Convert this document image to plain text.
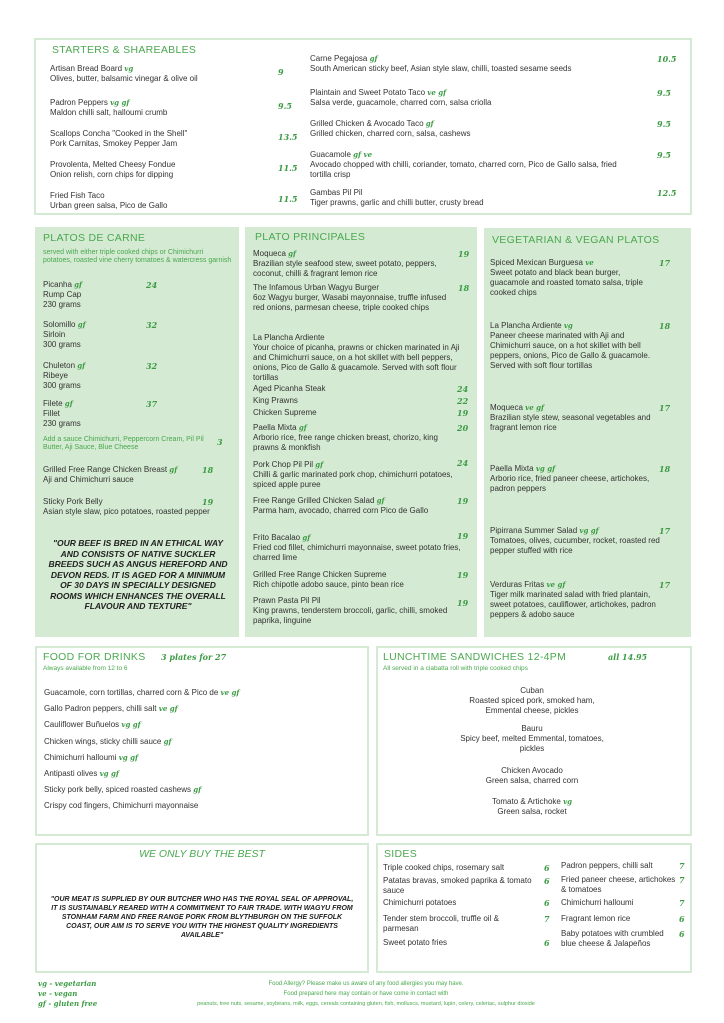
STARTERS & SHAREABLES
Artisan Bread Board vg
Olives, butter, balsamic vinegar & olive oil
9
Padron Peppers vg gf
Maldon chilli salt, halloumi crumb
9.5
Scallops Concha "Cooked in the Shell"
Pork Carnitas, Smokey Pepper Jam
13.5
Provolenta, Melted Cheesy Fondue
Onion relish, corn chips for dipping
11.5
Fried Fish Taco
Urban green salsa, Pico de Gallo
11.5
Carne Pegajosa gf
South American sticky beef, Asian style slaw, chilli, toasted sesame seeds
10.5
Plaintain and Sweet Potato Taco ve gf
Salsa verde, guacamole, charred corn, salsa criolla
9.5
Grilled Chicken & Avocado Taco gf
Grilled chicken, charred corn, salsa, cashews
9.5
Guacamole gf ve
Avocado chopped with chilli, coriander, tomato, charred corn, Pico de Gallo salsa, fried tortilla crisp
9.5
Gambas Pil Pil
Tiger prawns, garlic and chilli butter, crusty bread
12.5
PLATOS DE CARNE
served with either triple cooked chips or Chimichurri potatoes, roasted vine cherry tomatoes & watercress garnish
Picanha gf
Rump Cap
230 grams
24
Solomillo gf
Sirloin
300 grams
32
Chuleton gf
Ribeye
300 grams
32
Filete gf
Fillet
230 grams
37
Add a sauce Chimichurri, Peppercorn Cream, Pil Pil Butter, Aji Sauce, Blue Cheese
3
Grilled Free Range Chicken Breast gf
Aji and Chimichurri sauce
18
Sticky Pork Belly
Asian style slaw, pico potatoes, roasted pepper
19
"OUR BEEF IS BRED IN AN ETHICAL WAY AND CONSISTS OF NATIVE SUCKLER BREEDS SUCH AS ANGUS HEREFORD AND DEVON REDS. IT IS AGED FOR A MINIMUM OF 30 DAYS IN SPECIALLY DESIGNED ROOMS WHICH ENHANCES THE OVERALL FLAVOUR AND TEXTURE"
PLATO PRINCIPALES
Moqueca gf
Brazilian style seafood stew, sweet potato, peppers, coconut, chilli & fragrant lemon rice
19
The Infamous Urban Wagyu Burger
6oz Wagyu burger, Wasabi mayonnaise, truffle infused red onions, parmesan cheese, triple cooked chips
18
La Plancha Ardiente
Your choice of picanha, prawns or chicken marinated in Aji and Chimichurri sauce, on a hot skillet with bell peppers, onions, Pico de Gallo & guacamole. Served with soft flour tortillas
Aged Picanha Steak	24
King Prawns	22
Chicken Supreme	19
Paella Mixta gf
Arborio rice, free range chicken breast, chorizo, king prawns & monkfish
20
Pork Chop Pil Pil gf
Chilli & garlic marinated pork chop, chimichurri potatoes, spiced apple puree
24
Free Range Grilled Chicken Salad gf
Parma ham, avocado, charred corn Pico de Gallo
19
Frito Bacalao gf
Fried cod fillet, chimichurri mayonnaise, sweet potato fries, charred lime
19
Grilled Free Range Chicken Supreme
Rich chipotle adobo sauce, pinto bean rice
19
Prawn Pasta Pil Pil
King prawns, tenderstem broccoli, garlic, chilli, smoked paprika, linguine
19
VEGETARIAN & VEGAN PLATOS
Spiced Mexican Burguesa ve
Sweet potato and black bean burger, guacamole and roasted tomato salsa, triple cooked chips
17
La Plancha Ardiente vg
Paneer cheese marinated with Aji and Chimichurri sauce, on a hot skillet with bell peppers, onions, Pico de Gallo & guacamole. Served with soft flour tortillas
18
Moqueca ve gf
Brazilian style stew, seasonal vegetables and fragrant lemon rice
17
Paella Mixta vg gf
Arborio rice, fried paneer cheese, artichokes, padron peppers
18
Pipirrana Summer Salad vg gf
Tomatoes, olives, cucumber, rocket, roasted red pepper stuffed with rice
17
Verduras Fritas ve gf
Tiger milk marinated salad with fried plantain, sweet potatoes, cauliflower, artichokes, padron peppers & adobo sauce
17
FOOD FOR DRINKS 3 plates for 27
Always available from 12 to 6
Guacamole, corn tortillas, charred corn & Pico de ve gf
Gallo Padron peppers, chilli salt ve gf
Cauliflower Buñuelos vg gf
Chicken wings, sticky chilli sauce gf
Chimichurri halloumi vg gf
Antipasti olives vg gf
Sticky pork belly, spiced roasted cashews gf
Crispy cod fingers, Chimichurri mayonnaise
LUNCHTIME SANDWICHES 12-4PM	all 14.95
All served in a ciabatta roll with triple cooked chips
Cuban
Roasted spiced pork, smoked ham, Emmental cheese, pickles
Bauru
Spicy beef, melted Emmental, tomatoes, pickles
Chicken Avocado
Green salsa, charred corn
Tomato & Artichoke vg
Green salsa, rocket
WE ONLY BUY THE BEST
"OUR MEAT IS SUPPLIED BY OUR BUTCHER WHO HAS THE ROYAL SEAL OF APPROVAL, IT IS SUSTAINABLY REARED WITH A COMMITMENT TO FAIR TRADE. WITH WAGYU FROM STONHAM FARM AND FREE RANGE PORK FROM BLYTHBURGH ON THE SUFFOLK COAST, OUR AIM IS TO SERVE YOU WITH THE HIGHEST QUALITY INGREDIENTS AVAILABLE"
SIDES
Triple cooked chips, rosemary salt	6
Patatas bravas, smoked paprika & tomato sauce
6
Chimichurri potatoes	6
Tender stem broccoli, truffle oil & parmesan
7
Sweet potato fries	6
Padron peppers, chilli salt	7
Fried paneer cheese, artichokes & tomatoes
7
Chimichurri halloumi	7
Fragrant lemon rice	6
Baby potatoes with crumbled blue cheese & Jalapeños
6
vg - vegetarian
ve - vegan
gf - gluten free
Food Allergy? Please make us aware of any food allergies you may have.
Food prepared here may contain or have come in contact with
peanuts, tree nuts, sesame, soybeans, milk, eggs, cereals containing gluten, fish, molluscs, mustard, lupin, celery, celeriac, sulphur dioxide
